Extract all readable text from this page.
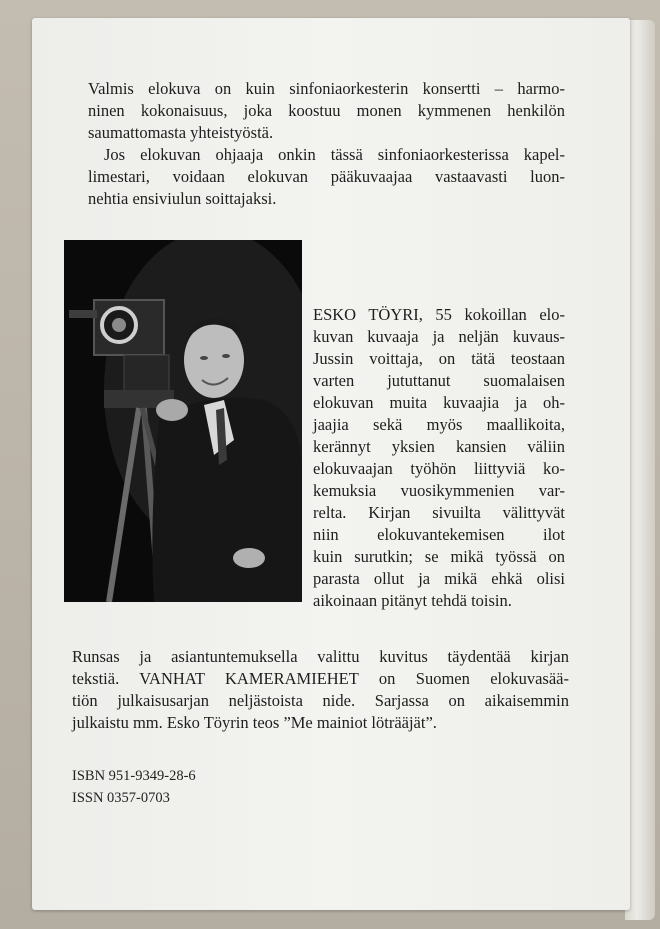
Valmis elokuva on kuin sinfoniaorkesterin konsertti – harmo-
ninen kokonaisuus, joka koostuu monen kymmenen henkilön
saumattomasta yhteistyöstä.

Jos elokuvan ohjaaja onkin tässä sinfoniaorkesterissa kapel-
limestari, voidaan elokuvan pääkuvaajaa vastaavasti luon-
nehtia ensiviulun soittajaksi.

ESKO TÖYRI, 55 kokoillan elo-
kuvan kuvaaja ja neljän kuvaus-
Jussin voittaja, on tätä teostaan
varten jututtanut suomalaisen
elokuvan muita kuvaajia ja oh-
jaajia sekä myös maallikoita,
kerännyt yksien kansien väliin
elokuvaajan työhön liittyviä ko-
kemuksia vuosikymmenien var-
relta. Kirjan sivuilta välittyvät
niin elokuvantekemisen ilot
kuin surutkin; se mikä työssä on
parasta ollut ja mikä ehkä olisi
aikoinaan pitänyt tehdä toisin.
Runsas ja asiantuntemuksella valittu kuvitus täydentää kirjan
tekstiä. VANHAT KAMERAMIEHET on Suomen elokuvasää-
tiön julkaisusarjan neljästoista nide. Sarjassa on aikaisemmin
julkaistu mm. Esko Töyrin teos ”Me mainiot löträäjät”.
ISBN 951-9349-28-6
ISSN 0357-0703
